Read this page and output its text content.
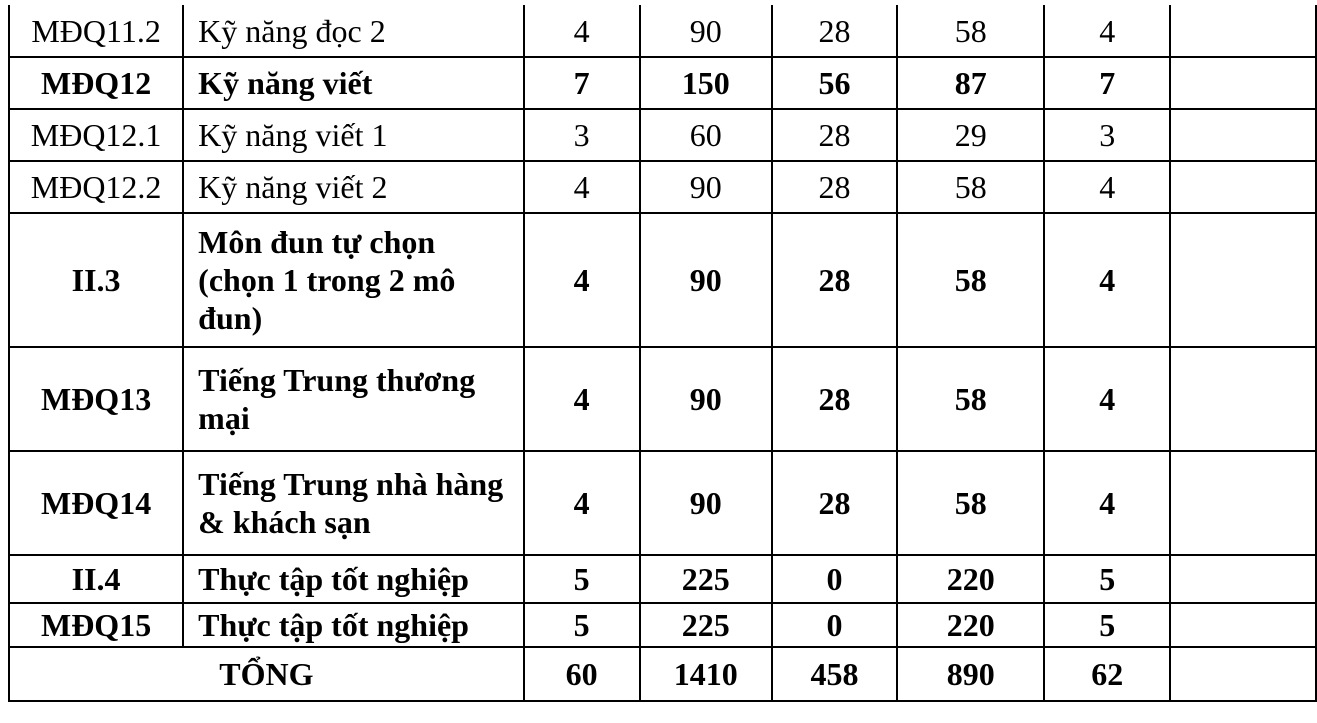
MĐQ11.2	Kỹ năng đọc 2	4	90	28	58	4	
MĐQ12	Kỹ năng viết	7	150	56	87	7	
MĐQ12.1	Kỹ năng viết 1	3	60	28	29	3	
MĐQ12.2	Kỹ năng viết 2	4	90	28	58	4	
II.3	Môn đun tự chọn (chọn 1 trong 2 mô đun)	4	90	28	58	4	
MĐQ13	Tiếng Trung thương mại	4	90	28	58	4	
MĐQ14	Tiếng Trung nhà hàng & khách sạn	4	90	28	58	4	
II.4	Thực tập tốt nghiệp	5	225	0	220	5	
MĐQ15	Thực tập tốt nghiệp	5	225	0	220	5	
TỔNG		60	1410	458	890	62	
